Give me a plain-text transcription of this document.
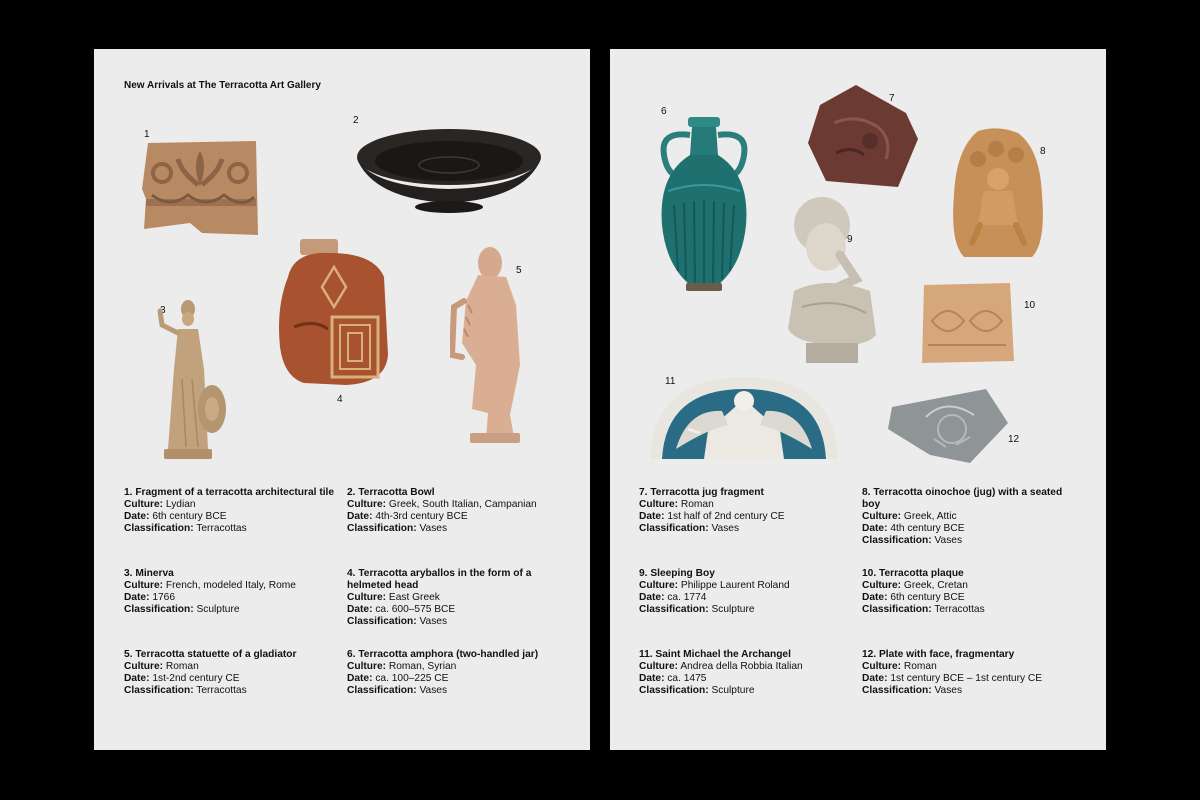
New Arrivals at The Terracotta Art Gallery
1
2
3
4
5
1. Fragment of a terracotta architectural tile
Culture: Lydian
Date: 6th century BCE
Classification: Terracottas
2. Terracotta Bowl
Culture: Greek, South Italian, Campanian
Date: 4th-3rd century BCE
Classification: Vases
3. Minerva
Culture: French, modeled Italy, Rome
Date: 1766
Classification: Sculpture
4. Terracotta aryballos in the form of a helmeted head
Culture: East Greek
Date: ca. 600–575 BCE
Classification: Vases
5. Terracotta statuette of a gladiator
Culture: Roman
Date: 1st-2nd century CE
Classification: Terracottas
6. Terracotta amphora (two-handled jar)
Culture: Roman, Syrian
Date: ca. 100–225 CE
Classification: Vases
6
7
8
9
10
11
12
7. Terracotta jug fragment
Culture: Roman
Date: 1st half of 2nd century CE
Classification: Vases
8. Terracotta oinochoe (jug) with a seated boy
Culture: Greek, Attic
Date: 4th century BCE
Classification: Vases
9. Sleeping Boy
Culture: Philippe Laurent Roland
Date: ca. 1774
Classification: Sculpture
10. Terracotta plaque
Culture: Greek, Cretan
Date: 6th century BCE
Classification: Terracottas
11. Saint Michael the Archangel
Culture: Andrea della Robbia Italian
Date: ca. 1475
Classification: Sculpture
12. Plate with face, fragmentary
Culture: Roman
Date: 1st century BCE – 1st century CE
Classification: Vases
